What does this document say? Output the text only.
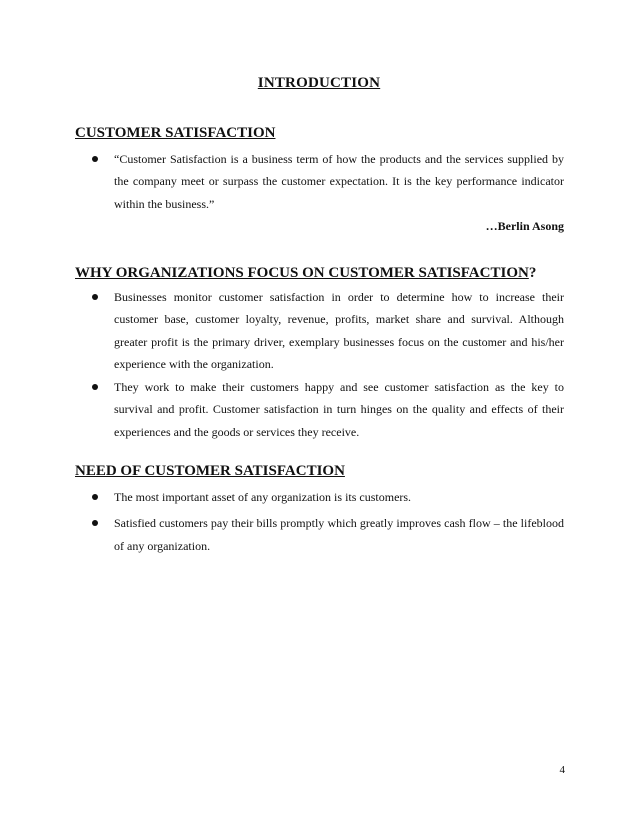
INTRODUCTION
CUSTOMER SATISFACTION
“Customer Satisfaction is a business term of how the products and the services supplied by the company meet or surpass the customer expectation. It is the key performance indicator within the business.”
…Berlin Asong
WHY ORGANIZATIONS FOCUS ON CUSTOMER SATISFACTION?
Businesses monitor customer satisfaction in order to determine how to increase their customer base, customer loyalty, revenue, profits, market share and survival. Although greater profit is the primary driver, exemplary businesses focus on the customer and his/her experience with the organization.
They work to make their customers happy and see customer satisfaction as the key to survival and profit. Customer satisfaction in turn hinges on the quality and effects of their experiences and the goods or services they receive.
NEED OF CUSTOMER SATISFACTION
The most important asset of any organization is its customers.
Satisfied customers pay their bills promptly which greatly improves cash flow – the lifeblood of any organization.
4
